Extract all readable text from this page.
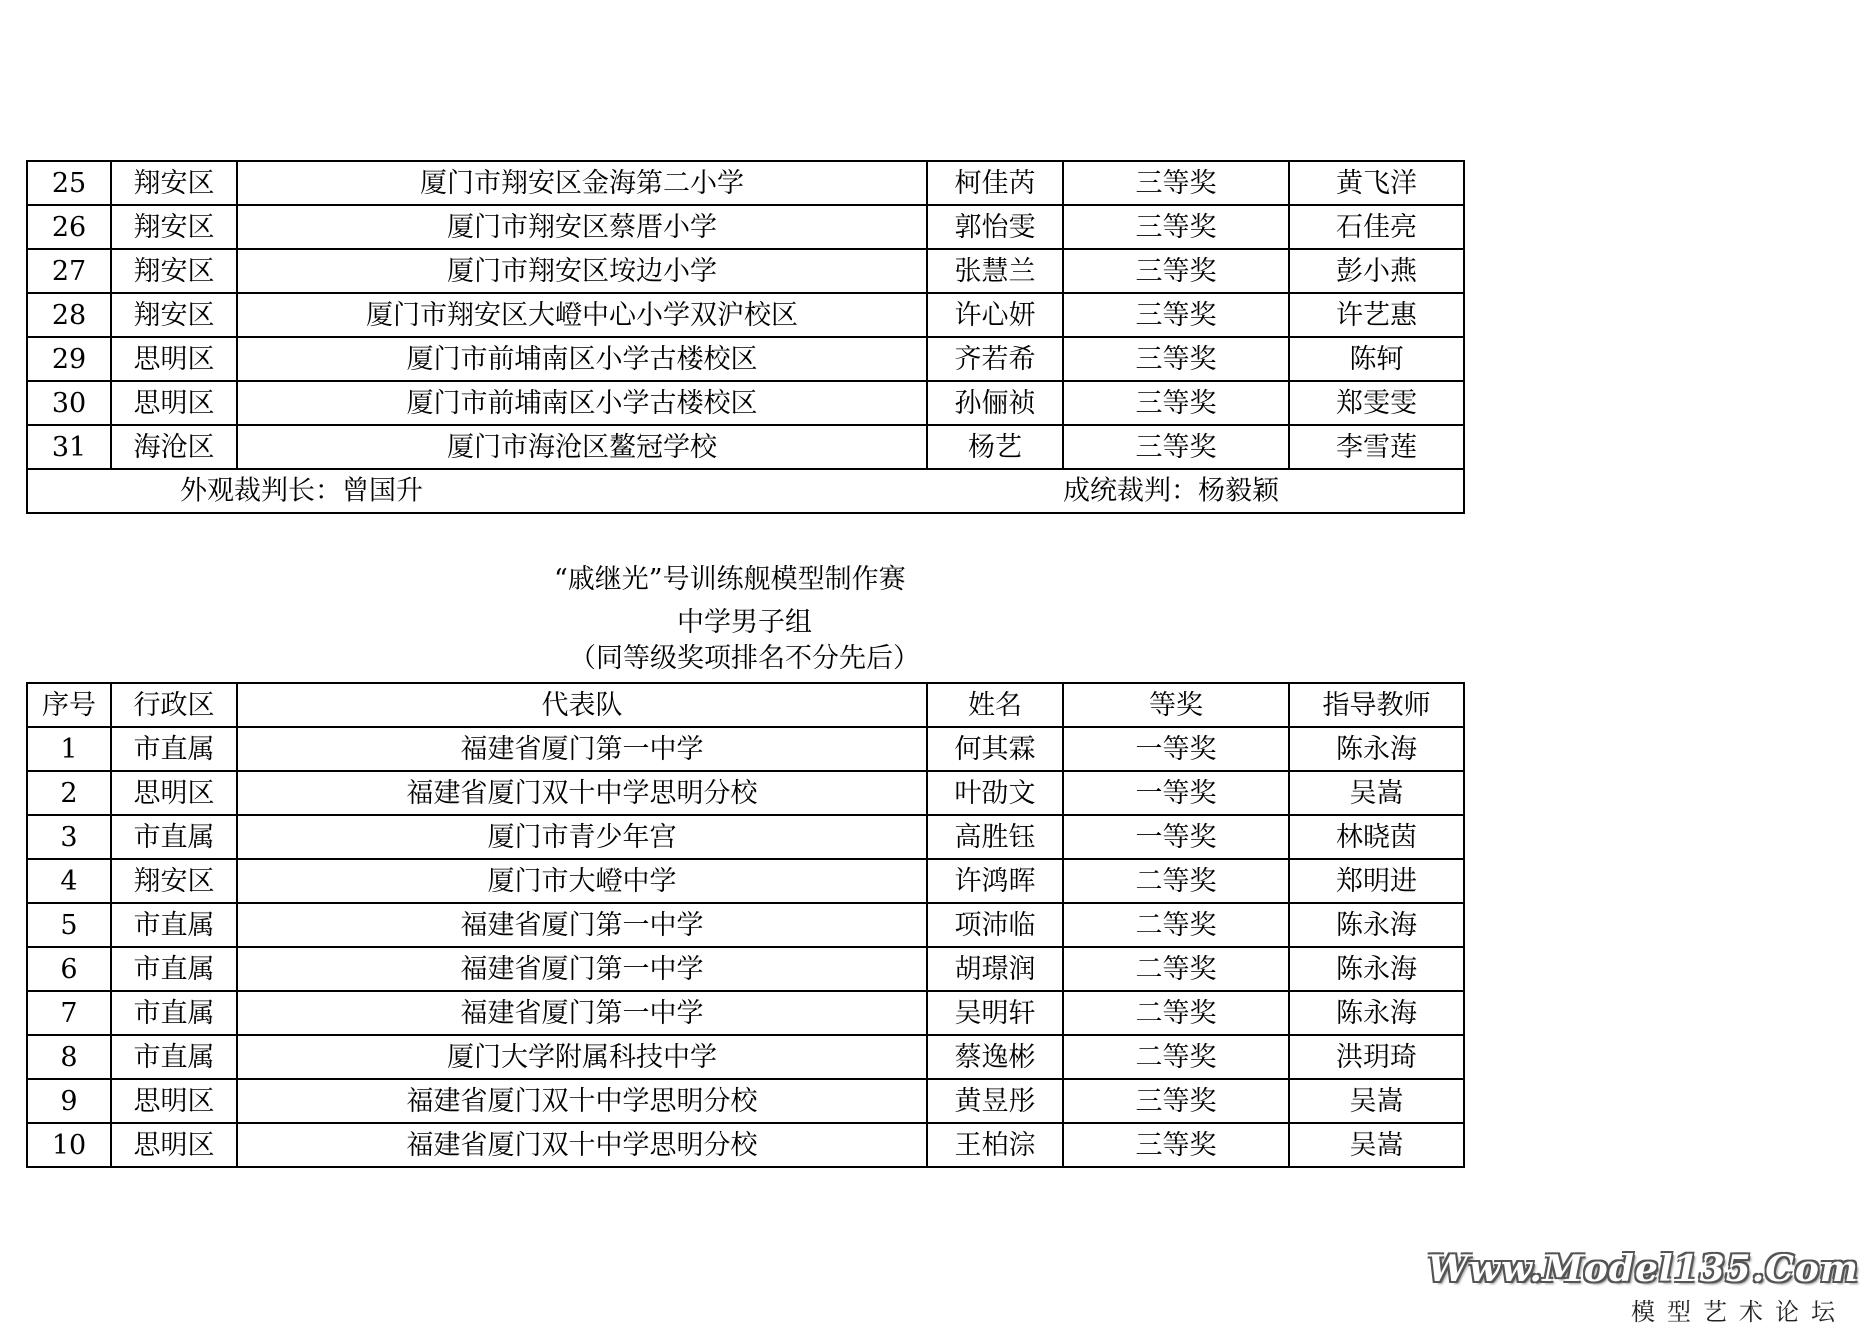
25	翔安区	厦门市翔安区金海第二小学	柯佳芮	三等奖	黄飞洋
26	翔安区	厦门市翔安区蔡厝小学	郭怡雯	三等奖	石佳亮
27	翔安区	厦门市翔安区垵边小学	张慧兰	三等奖	彭小燕
28	翔安区	厦门市翔安区大嶝中心小学双沪校区	许心妍	三等奖	许艺惠
29	思明区	厦门市前埔南区小学古楼校区	齐若希	三等奖	陈轲
30	思明区	厦门市前埔南区小学古楼校区	孙俪祯	三等奖	郑雯雯
31	海沧区	厦门市海沧区鳌冠学校	杨艺	三等奖	李雪莲

外观裁判长：曾国升 成统裁判：杨毅颖					
“戚继光”号训练舰模型制作赛
中学男子组
（同等级奖项排名不分先后）
序号	行政区	代表队	姓名	等奖	指导教师
1	市直属	福建省厦门第一中学	何其霖	一等奖	陈永海
2	思明区	福建省厦门双十中学思明分校	叶劭文	一等奖	吴嵩
3	市直属	厦门市青少年宫	高胜钰	一等奖	林晓茵
4	翔安区	厦门市大嶝中学	许鸿晖	二等奖	郑明进
5	市直属	福建省厦门第一中学	项沛临	二等奖	陈永海
6	市直属	福建省厦门第一中学	胡璟润	二等奖	陈永海
7	市直属	福建省厦门第一中学	吴明轩	二等奖	陈永海
8	市直属	厦门大学附属科技中学	蔡逸彬	二等奖	洪玥琦
9	思明区	福建省厦门双十中学思明分校	黄昱彤	三等奖	吴嵩
10	思明区	福建省厦门双十中学思明分校	王柏淙	三等奖	吴嵩
Www.Model135.Com
模型艺术论坛
